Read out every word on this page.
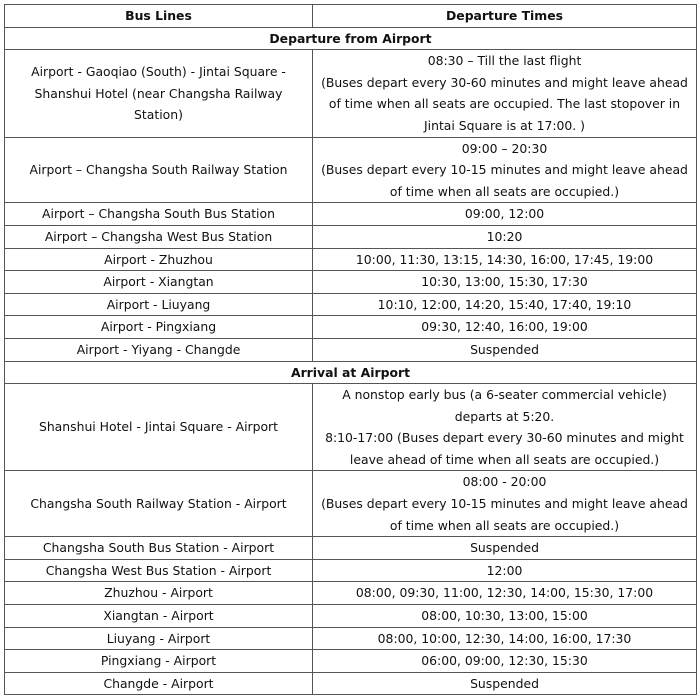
Bus Lines	Departure Times
Departure from Airport	
Airport - Gaoqiao (South) - Jintai Square - Shanshui Hotel (near Changsha Railway Station)	08:30 – Till the last flight
(Buses depart every 30-60 minutes and might leave ahead of time when all seats are occupied. The last stopover in Jintai Square is at 17:00. )

Airport – Changsha South Railway Station	09:00 – 20:30
(Buses depart every 10-15 minutes and might leave ahead of time when all seats are occupied.)

Airport – Changsha South Bus Station	09:00, 12:00

Airport – Changsha West Bus Station	10:20

Airport - Zhuzhou	10:00, 11:30, 13:15, 14:30, 16:00, 17:45, 19:00

Airport - Xiangtan	10:30, 13:00, 15:30, 17:30

Airport - Liuyang	10:10, 12:00, 14:20, 15:40, 17:40, 19:10

Airport - Pingxiang	09:30, 12:40, 16:00, 19:00

Airport - Yiyang - Changde	Suspended

Arrival at Airport	
Shanshui Hotel - Jintai Square - Airport	A nonstop early bus (a 6-seater commercial vehicle) departs at 5:20.
8:10-17:00 (Buses depart every 30-60 minutes and might leave ahead of time when all seats are occupied.)

Changsha South Railway Station - Airport	08:00 - 20:00
(Buses depart every 10-15 minutes and might leave ahead of time when all seats are occupied.)

Changsha South Bus Station - Airport	Suspended

Changsha West Bus Station - Airport	12:00

Zhuzhou - Airport	08:00, 09:30, 11:00, 12:30, 14:00, 15:30, 17:00

Xiangtan - Airport	08:00, 10:30, 13:00, 15:00

Liuyang - Airport	08:00, 10:00, 12:30, 14:00, 16:00, 17:30

Pingxiang - Airport	06:00, 09:00, 12:30, 15:30

Changde - Airport	Suspended
